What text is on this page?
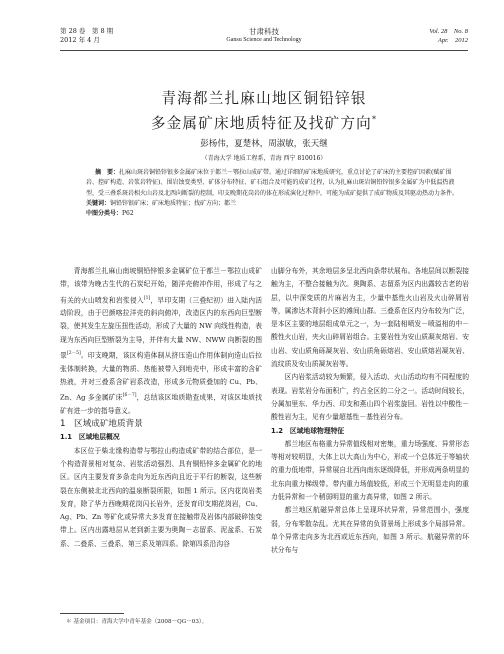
第 28 卷　第 8 期
2012 年 4 月
甘肃科技
Gansu Science and Technology
Vol. 28　No. 8
Apr.　2012
青海都兰扎麻山地区铜铅锌银
多金属矿床地质特征及找矿方向*
彭杨伟，夏楚林，周淑敏，张天继
（青海大学 地质工程系，青海 西宁 810016）

摘　要：扎麻山斑岩铜铅锌银多金属矿床位于都兰－鄂拉山成矿带。通过详细的矿床地质研究，重点讨论了矿床的主要控矿因素(赋矿围岩、控矿构造、岩浆岩特征)、围岩蚀变类型、矿体分布特征、矿石组合及可能的成矿过程，认为扎麻山斑岩铜铅锌银多金属矿为中低温热液型，受三叠系斑岩相火山岩及北西向断裂的控制，印支晚期花岗岩的体在形成演化过程中，可能为成矿提供了成矿物质及其驱动热动力条件。

关键词：铜铅锌银矿床；矿床地质特征；找矿方向；都兰

中图分类号：P62

青海都兰扎麻山南坡铜铅锌银多金属矿位于都兰－鄂拉山成矿带，该带为晚古生代的石炭纪开始，随洋壳俯冲作用，形成了与之有关的火山喷发和岩浆侵入[1]，早印支期（三叠纪初）进入陆内活动阶段，由于巴颜喀拉洋壳的斜向俯冲，改造区内的东西向巨型断裂，使其发生左旋压扭性活动，形成了大量的 NW 向线性构造，表现为东西向巨型断裂为主导，并伴有大量 NW、NWW 向断裂的图景[2－5]。印支晚期，该区构造体制从挤压造山作用体制向造山后拉张体制转换，大量的物质、热能被带入到地壳中，形成丰富的含矿热液，并对三叠系含矿岩系改造，形成多元物质叠加的 Cu、Pb、Zn、Ag 多金属矿床[6－7]，总结该区地质勘查成果，对该区地质找矿有进一步的指导意义。

1　区域成矿地质背景

1.1　区域地层概况

本区位于柴北缘构造带与鄂拉山构造成矿带的结合部位，是一个构造背景相对复杂、岩浆活动强烈、具有铜铅锌多金属矿化的地区。区内主要发育多条走向为近东西向且近于平行的断裂，这些断裂在东侧被北北西向的温泉断裂所限，如图 1 所示。区内花岗岩类发育，除了华力西晚期花岗闪长岩外，还发育印支期花岗岩，Cu、Ag、Pb、Zn 等矿化或异常大多发育在接触带及岩体内部破碎蚀变带上。区内出露地层从老到新主要为奥陶－志留系、泥盆系、石炭系、二叠系、三叠系、第三系及第四系。除第四系沿沟谷

山脚分布外，其余地层多呈北西向条带状展布。各地层间以断裂接触为主，不整合接触为次。奥陶系、志留系为区内出露较古老的岩层，以中深变质的片麻岩为主，少量中基性火山岩及火山碎屑岩等，属渗达木背斜小区的滩间山群。三叠系在区内分布较为广泛，是本区主要的地层组成单元之一，为一套陆相喷发－喷溢相的中－酸性火山岩，夹火山碎屑岩组合。主要岩性为安山质凝灰熔岩、安山岩、安山质角砾凝灰岩、安山质角砾熔岩、安山质熔岩凝灰岩、流纹质及安山质凝灰岩等。

区内岩浆活动较为频繁，侵入活动、火山活动均有不同程度的表现。岩浆岩分布面积广，约占全区的二分之一。活动时间较长，分属加里东、华力西、印支和燕山四个岩浆旋回。岩性以中酸性－酸性岩为主，见有少量超基性－基性岩分布。

1.2　区域地球物理特征

都兰地区布格重力异常值线相对密集，重力场强度、异常形态等相对较明显，大体上以大高山为中心，形成一个总体近于等轴状的重力低地带，异常展自北西向南东逐级降低，并形成两条明显的北东向重力梯级带。带内重力场值较低，形成三个无明显走向的重力低异常和一个稍弱明显的重力高异常，如图 2 所示。

都兰地区航磁异常总体上呈现环状异常，异常范围小，强度弱，分布零散杂乱。尤其在异常的负背景场上形成多个局部异常。单个异常走向多为北西或近东西向，如图 3 所示。航磁异常的环状分布与

＊ 基金项目：青海大学中青年基金（2008－QG－03）。
